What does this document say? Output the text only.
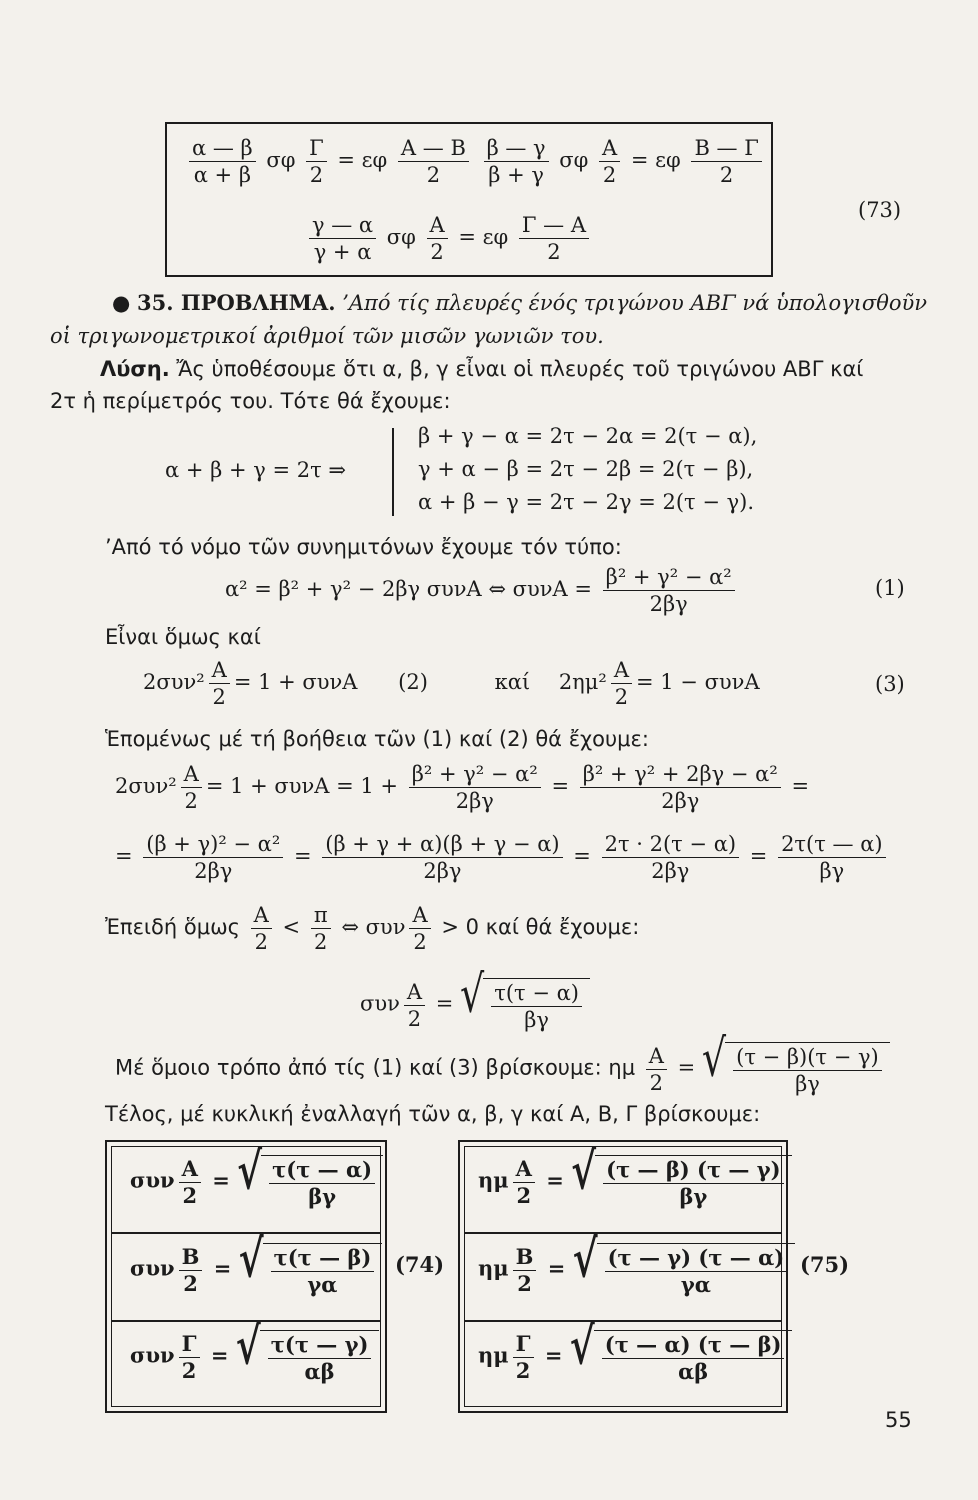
$\frac{\alpha — \beta}{\alpha + \beta}$ σφ $\frac{\Gamma}{2} = \varepsilon\varphi \frac{A — B}{2}$
$\frac{\beta — \gamma}{\beta + \gamma}$ σφ $\frac{A}{2} = \varepsilon\varphi \frac{B — \Gamma}{2}$
$\frac{\gamma — \alpha}{\gamma + \alpha}$ σφ $\frac{A}{2} = \varepsilon\varphi \frac{\Gamma — A}{2}$
(73)
● 35. ΠΡΟΒΛΗΜΑ. ’Από τίς πλευρές ένός τριγώνου ΑΒΓ νά ὑπολογισθοῦν
οἱ τριγωνομετρικοί ἀριθμοί τῶν μισῶν γωνιῶν του.
Λύση. Ἄς ὑποθέσουμε ὅτι α, β, γ εἶναι οἱ πλευρές τοῦ τριγώνου ΑΒΓ καί
2τ ἡ περίμετρός του. Τότε θά ἔχουμε:
α + β + γ = 2τ ⇒
β + γ − α = 2τ − 2α = 2(τ − α),
γ + α − β = 2τ − 2β = 2(τ − β),
α + β − γ = 2τ − 2γ = 2(τ − γ).
’Από τό νόμο τῶν συνημιτόνων ἔχουμε τόν τύπο:
α² = β² + γ² − 2βγ συνΑ ⇔ $\sigma\upsilon\nu A = \frac{\text{β² + γ² − α²}}{2\beta\gamma}$	(1)
Εἶναι ὅμως καί
$2\sigma\upsilon\nu^2 \frac{A}{2} = 1 + \sigma\upsilon\nu A$ (2)	καί $2\eta\mu^2 \frac{A}{2} = 1 - \sigma\upsilon\nu A$	(3)
Ἑπομένως μέ τή βοήθεια τῶν (1) καί (2) θά ἔχουμε:
$2\sigma\upsilon\nu^2 \frac{A}{2} = 1 + \sigma\upsilon\nu A = 1 + \frac{\text{β² + γ² − α²}}{2\beta\gamma} = \frac{\text{β² + γ² + 2βγ − α²}}{2\beta\gamma}$ =
= $\frac{\text{(β + γ)² − α²}}{2\beta\gamma} = \frac{(\beta + \gamma + \alpha)(\beta + \gamma - \alpha)}{2\beta\gamma} = \frac{2\tau \cdot 2(\tau - \alpha)}{2\beta\gamma} = \frac{2\tau(\tau — \alpha)}{\beta\gamma}$
Ἐπειδή ὅμως $\frac{A}{2} < \frac{\pi}{2}$ ⇔ συν $\frac{A}{2} > 0$ καί θά ἔχουμε:
συν $\frac{A}{2}$ = √ $\frac{\tau(\tau - \alpha)}{\beta\gamma}$
Μέ ὅμοιο τρόπο ἀπό τίς (1) καί (3) βρίσκουμε: ημ $\frac{A}{2}$ = √ $\frac{(\tau - \beta)(\tau - \gamma)}{\beta\gamma}$
Τέλος, μέ κυκλική ἐναλλαγή τῶν α, β, γ καί Α, Β, Γ βρίσκουμε:
συν $\frac{A}{2}$ = √ $\frac{\tau(\tau — \alpha)}{\beta\gamma}$
συν $\frac{B}{2}$ = √ $\frac{\tau(\tau — \beta)}{\gamma\alpha}$
συν $\frac{\Gamma}{2}$ = √ $\frac{\tau(\tau — \gamma)}{\alpha\beta}$
(74)
ημ $\frac{A}{2}$ = √ $\frac{(\tau — \beta) (\tau — \gamma)}{\beta\gamma}$
ημ $\frac{B}{2}$ = √ $\frac{(\tau — \gamma) (\tau — \alpha)}{\gamma\alpha}$
ημ $\frac{\Gamma}{2}$ = √ $\frac{(\tau — \alpha) (\tau — \beta)}{\alpha\beta}$
(75)
55
